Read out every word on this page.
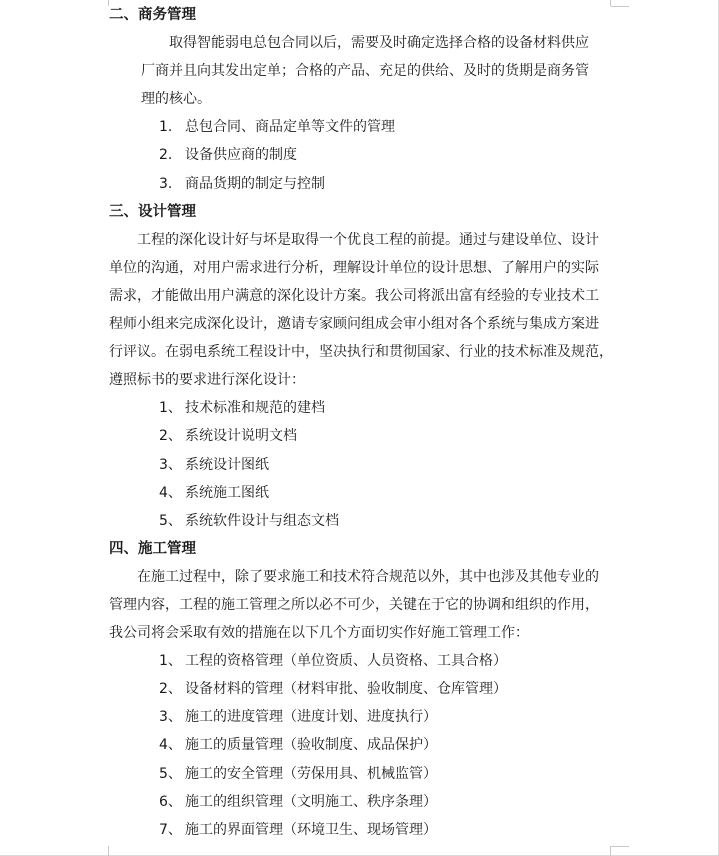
二、商务管理
取得智能弱电总包合同以后，需要及时确定选择合格的设备材料供应
厂商并且向其发出定单；合格的产品、充足的供给、及时的货期是商务管
理的核心。
1. 总包合同、商品定单等文件的管理
2. 设备供应商的制度
3. 商品货期的制定与控制
三、设计管理
工程的深化设计好与坏是取得一个优良工程的前提。通过与建设单位、设计
单位的沟通，对用户需求进行分析，理解设计单位的设计思想、了解用户的实际
需求，才能做出用户满意的深化设计方案。我公司将派出富有经验的专业技术工
程师小组来完成深化设计，邀请专家顾问组成会审小组对各个系统与集成方案进
行评议。在弱电系统工程设计中，坚决执行和贯彻国家、行业的技术标准及规范，
遵照标书的要求进行深化设计：
1、 技术标准和规范的建档
2、 系统设计说明文档
3、 系统设计图纸
4、 系统施工图纸
5、 系统软件设计与组态文档
四、施工管理
在施工过程中，除了要求施工和技术符合规范以外，其中也涉及其他专业的
管理内容，工程的施工管理之所以必不可少，关键在于它的协调和组织的作用，
我公司将会采取有效的措施在以下几个方面切实作好施工管理工作：
1、 工程的资格管理（单位资质、人员资格、工具合格）
2、 设备材料的管理（材料审批、验收制度、仓库管理）
3、 施工的进度管理（进度计划、进度执行）
4、 施工的质量管理（验收制度、成品保护）
5、 施工的安全管理（劳保用具、机械监管）
6、 施工的组织管理（文明施工、秩序条理）
7、 施工的界面管理（环境卫生、现场管理）
